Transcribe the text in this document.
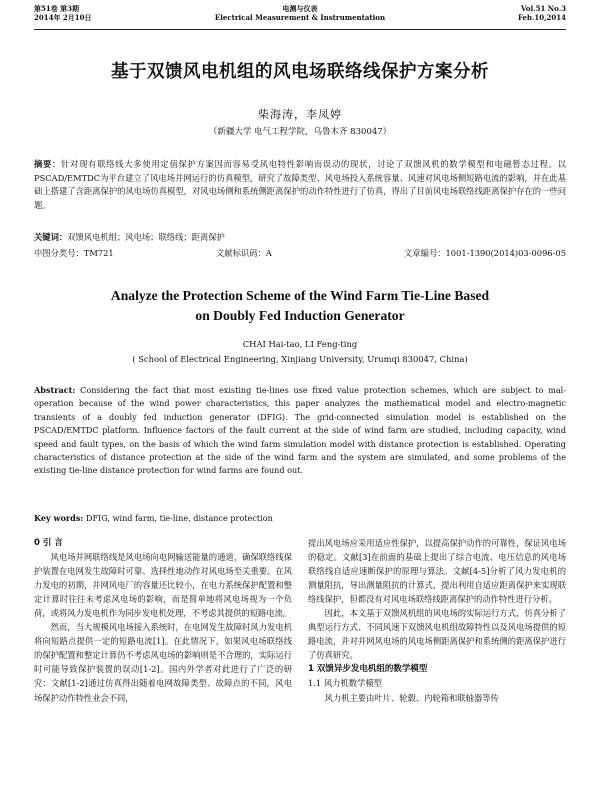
第51卷 第3期
2014年 2月10日
电测与仪表
Electrical Measurement & Instrumentation
Vol.51 No.3
Feb.10,2014
基于双馈风电机组的风电场联络线保护方案分析
柴海涛，李凤婷
（新疆大学 电气工程学院，乌鲁木齐 830047）
摘要：针对现有联络线大多使用定值保护方案因而容易受风电特性影响而误动的现状，讨论了双馈风机的数学模型和电磁暂态过程。以PSCAD/EMTDC为平台建立了风电场并网运行的仿真模型，研究了故障类型、风电场投入系统容量、风速对风电场侧短路电流的影响，并在此基础上搭建了含距离保护的风电场仿真模型，对风电场侧和系统侧距离保护的动作特性进行了仿真，得出了目前风电场联络线距离保护存在的一些问题。
关键词：双馈风电机组；风电场；联络线；距离保护
中图分类号：TM721	文献标识码：A	文章编号：1001-1390(2014)03-0096-05
Analyze the Protection Scheme of the Wind Farm Tie-Line Based on Doubly Fed Induction Generator
CHAI Hai-tao, LI Feng-ting
( School of Electrical Engineering, Xinjiang University, Urumqi 830047, China)
Abstract: Considering the fact that most existing tie-lines use fixed value protection schemes, which are subject to mal-operation because of the wind power characteristics, this paper analyzes the mathematical model and electro-magnetic transients of a doubly fed induction generator (DFIG). The grid-connected simulation model is established on the PSCAD/EMTDC platform. Influence factors of the fault current at the side of wind farm are studied, including capacity, wind speed and fault types, on the basis of which the wind farm simulation model with distance protection is established. Operating characteristics of distance protection at the side of the wind farm and the system are simulated, and some problems of the existing tie-line distance protection for wind farms are found out.
Key words: DFIG, wind farm, tie-line, distance protection

0 引 言

风电场并网联络线是风电场向电网输送能量的通道，确保联络线保护装置在电网发生故障时可靠、选择性地动作对风电场至关重要。在风力发电的初期，并网风电厂的容量还比较小，在电力系统保护配置和整定计算时往往未考虑风电场的影响，而是简单地将风电场视为一个负荷，或将风力发电机作为同步发电机处理，不考虑其提供的短路电流。

然而，当大规模风电场接入系统时，在电网发生故障时风力发电机将向短路点提供一定的短路电流[1]。在此情况下，如果风电场联络线的保护配置和整定计算仍不考虑风电场的影响则是不合理的，实际运行时可能导致保护装置的误动[1-2]。国内外学者对此进行了广泛的研究：文献[1-2]通过仿真得出随着电网故障类型、故障点的不同，风电场保护动作特性业会不同，

提出风电场应采用适应性保护，以提高保护动作的可靠性，保证风电场的稳定。文献[3]在前面的基础上提出了综合电流、电压信息的风电场联络线自适应速断保护的原理与算法。文献[4-5]分析了风力发电机的测量阻抗，导出测量阻抗的计算式，提出利用自适应距离保护来实现联络线保护，但都没有对风电场联络线距离保护的动作特性进行分析。

因此，本文基于双馈风机组的风电场的实际运行方式，仿真分析了典型运行方式、不同风速下双馈风电机组故障特性以及风电场提供的短路电流，并对并网风电场的风电场侧距离保护和系统侧的距离保护进行了仿真研究。

1 双馈异步发电机组的数学模型

1.1 风力机数学模型

风力机主要由叶片、轮毂、内轮箱和联轴器等传
